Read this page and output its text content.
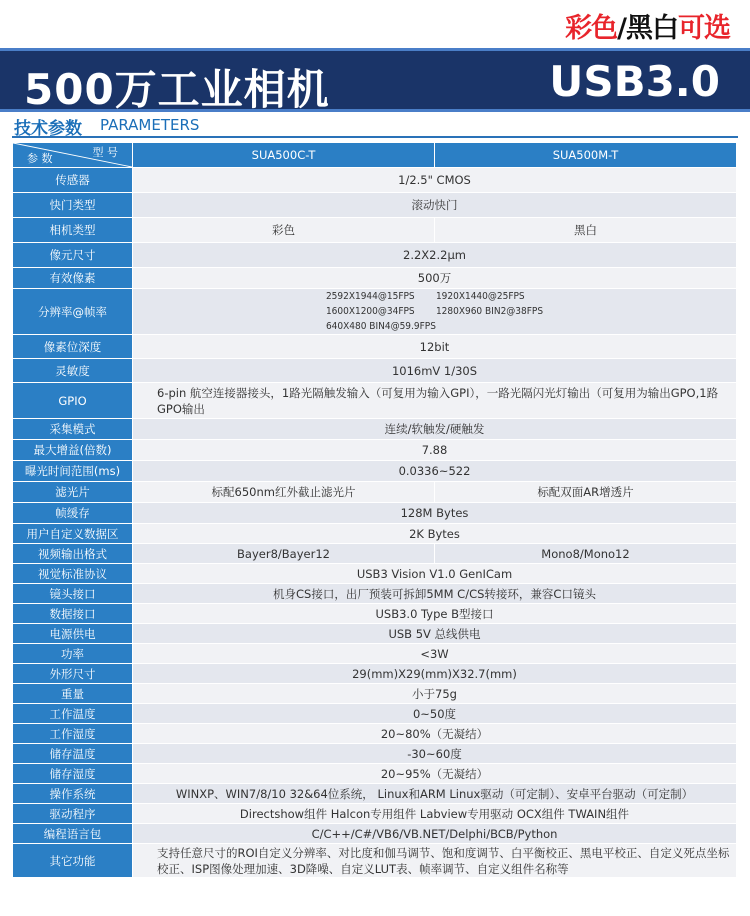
彩色/黑白可选
500万工业相机	USB3.0
技术参数 PARAMETERS
型 号
参 数	SUA500C-T	SUA500M-T
传感器	1/2.5" CMOS	
快门类型	滚动快门	
相机类型	彩色	黑白
像元尺寸	2.2X2.2μm	
有效像素	500万	
分辨率@帧率	2592X1944@15FPS 1920X1440@25FPS
1600X1200@34FPS 1280X960 BIN2@38FPS
640X480 BIN4@59.9FPS	

像素位深度	12bit	
灵敏度	1016mV 1/30S	
GPIO	6-pin 航空连接器接头，1路光隔触发输入（可复用为输入GPI），一路光隔闪光灯输出（可复用为输出GPO,1路GPO输出	
采集模式	连续/软触发/硬触发	
最大增益(倍数)	7.88	
曝光时间范围(ms)	0.0336~522	
滤光片	标配650nm红外截止滤光片	标配双面AR增透片
帧缓存	128M Bytes	
用户自定义数据区	2K Bytes	
视频输出格式	Bayer8/Bayer12	Mono8/Mono12
视觉标准协议	USB3 Vision V1.0 GenICam	
镜头接口	机身CS接口，出厂预装可拆卸5MM C/CS转接环，兼容C口镜头	
数据接口	USB3.0 Type B型接口	
电源供电	USB 5V 总线供电	
功率	<3W	
外形尺寸	29(mm)X29(mm)X32.7(mm)	
重量	小于75g	
工作温度	0~50度	
工作湿度	20~80%（无凝结）	
储存温度	-30~60度	
储存湿度	20~95%（无凝结）	
操作系统	WINXP、WIN7/8/10 32&64位系统， Linux和ARM Linux驱动（可定制）、安卓平台驱动（可定制）	
驱动程序	Directshow组件 Halcon专用组件 Labview专用驱动 OCX组件 TWAIN组件	
编程语言包	C/C++/C#/VB6/VB.NET/Delphi/BCB/Python	
其它功能	支持任意尺寸的ROI自定义分辨率、对比度和伽马调节、饱和度调节、白平衡校正、黑电平校正、自定义死点坐标校正、ISP图像处理加速、3D降噪、自定义LUT表、帧率调节、自定义组件名称等	
